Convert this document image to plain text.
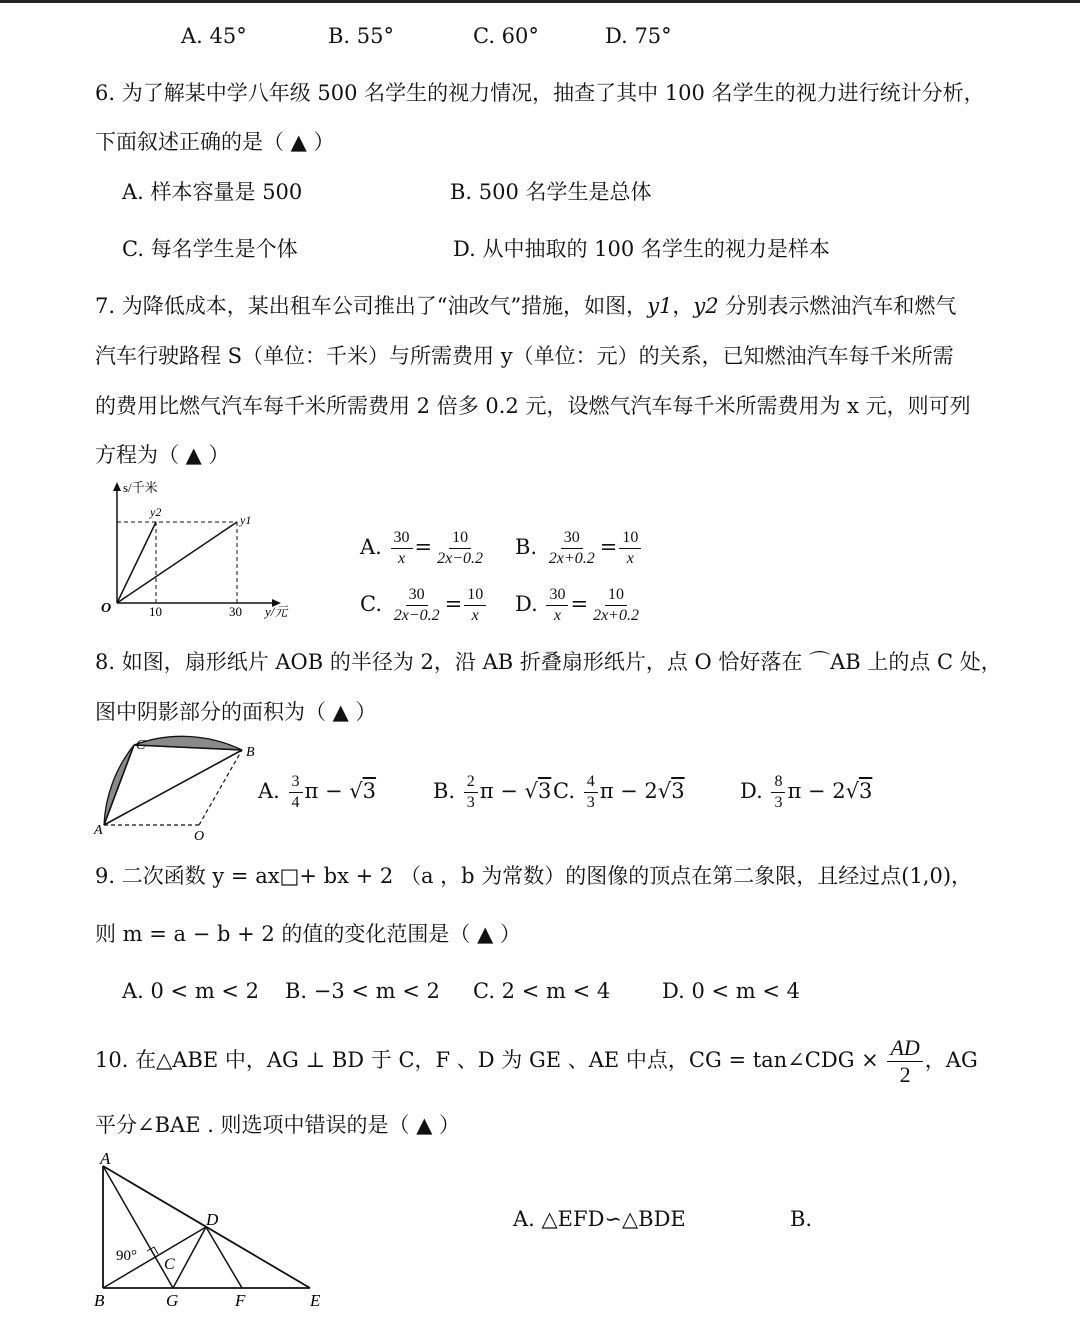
A. 45°	B. 55°	C. 60°	D. 75°
6. 为了解某中学八年级 500 名学生的视力情况，抽查了其中 100 名学生的视力进行统计分析，
下面叙述正确的是（ ▲ ）
A. 样本容量是 500	B. 500 名学生是总体
C. 每名学生是个体	D. 从中抽取的 100 名学生的视力是样本
7. 为降低成本，某出租车公司推出了“油改气”措施，如图，y1，y2 分别表示燃油汽车和燃气
汽车行驶路程 S（单位：千米）与所需费用 y（单位：元）的关系，已知燃油汽车每千米所需
的费用比燃气汽车每千米所需费用 2 倍多 0.2 元，设燃气汽车每千米所需费用为 x 元，则可列
方程为（ ▲ ）
s/千米
y/元
O	10	30
y2
y1
A. $\frac{30}{x} = \frac{10}{2x-0.2} B$. $\frac{30}{2x+0.2} = \frac{10}{x}$
C. $\frac{30}{2x-0.2} = \frac{10}{x} D$. $\frac{30}{x} = \frac{10}{2x+0.2}$
8. 如图，扇形纸片 AOB 的半径为 2，沿 AB 折叠扇形纸片，点 O 恰好落在 ⌒AB 上的点 C 处，
图中阴影部分的面积为（ ▲ ）
C	B
A	O
A. $\frac{3}{4}$ π − √3	B. $\frac{2}{3}$ π − √3 C. $\frac{4}{3}$ π − 2√3	D. $\frac{8}{3}$ π − 2√3
9. 二次函数 y = ax□+ bx + 2 （a ，b 为常数）的图像的顶点在第二象限，且经过点(1,0)，
则 m = a − b + 2 的值的变化范围是（ ▲ ）
A. 0 < m < 2 B. −3 < m < 2 C. 2 < m < 4 D. 0 < m < 4
10. 在△ABE 中，AG ⊥ BD 于 C，F 、D 为 GE 、AE 中点，CG = tan∠CDG × $\frac{AD}{2}$ ，AG
平分∠BAE . 则选项中错误的是（ ▲ ）
A
B
C
D
E
F
G
90°
A. △EFD∽△BDE	B.
